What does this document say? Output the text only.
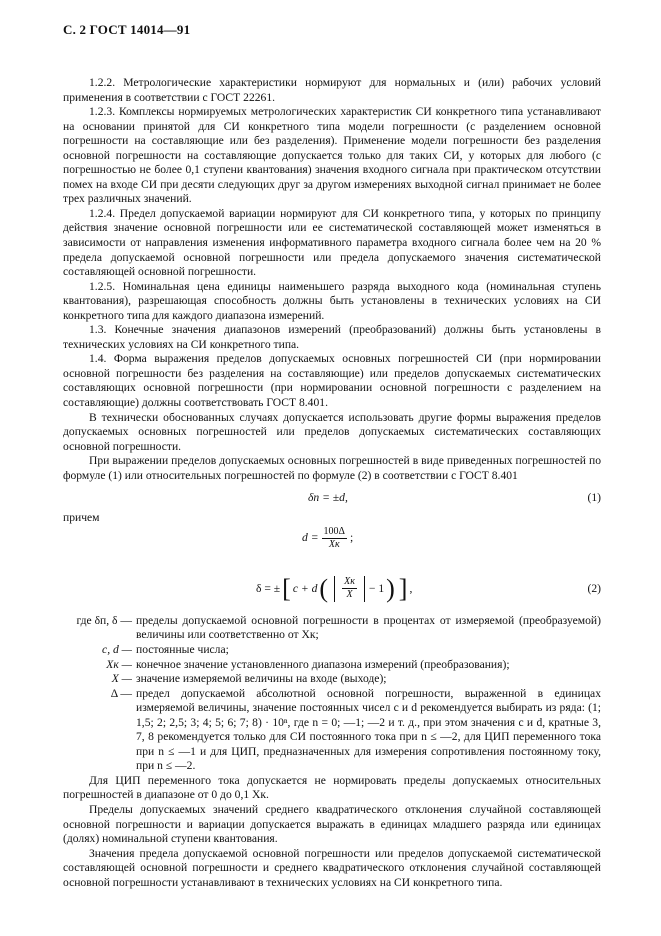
С. 2 ГОСТ 14014—91

1.2.2. Метрологические характеристики нормируют для нормальных и (или) рабочих условий применения в соответствии с ГОСТ 22261.

1.2.3. Комплексы нормируемых метрологических характеристик СИ конкретного типа устанавливают на основании принятой для СИ конкретного типа модели погрешности (с разделением основной погрешности на составляющие или без разделения). Применение модели погрешности без разделения основной погрешности на составляющие допускается только для таких СИ, у которых для любого (с погрешностью не более 0,1 ступени квантования) значения входного сигнала при практическом отсутствии помех на входе СИ при десяти следующих друг за другом измерениях выходной сигнал принимает не более трех различных значений.

1.2.4. Предел допускаемой вариации нормируют для СИ конкретного типа, у которых по принципу действия значение основной погрешности или ее систематической составляющей может изменяться в зависимости от направления изменения информативного параметра входного сигнала более чем на 20 % предела допускаемой основной погрешности или предела допускаемого значения систематической составляющей основной погрешности.

1.2.5. Номинальная цена единицы наименьшего разряда выходного кода (номинальная ступень квантования), разрешающая способность должны быть установлены в технических условиях на СИ конкретного типа для каждого диапазона измерений.

1.3. Конечные значения диапазонов измерений (преобразований) должны быть установлены в технических условиях на СИ конкретного типа.

1.4. Форма выражения пределов допускаемых основных погрешностей СИ (при нормировании основной погрешности без разделения на составляющие) или пределов допускаемых систематических составляющих основной погрешности (при нормировании основной погрешности с разделением на составляющие) должны соответствовать ГОСТ 8.401.

В технически обоснованных случаях допускается использовать другие формы выражения пределов допускаемых основных погрешностей или пределов допускаемых систематических составляющих основной погрешности.

При выражении пределов допускаемых основных погрешностей в виде приведенных погрешностей по формуле (1) или относительных погрешностей по формуле (2) в соответствии с ГОСТ 8.401

δп = ±d,	(1)
причем
$d = \frac{100\Delta}{Xк}$ ;
δ = ± [ c + d ( $\frac{Xк}{X} - 1$ ) ] ,	(2)
где δп, δ — пределы допускаемой основной погрешности в процентах от измеряемой (преобразуемой) величины или соответственно от Xк;
c, d — постоянные числа;
Xк — конечное значение установленного диапазона измерений (преобразования);
X — значение измеряемой величины на входе (выходе);
Δ — предел допускаемой абсолютной основной погрешности, выраженной в единицах измеряемой величины, значение постоянных чисел c и d рекомендуется выбирать из ряда: (1; 1,5; 2; 2,5; 3; 4; 5; 6; 7; 8) · 10ⁿ, где n = 0; —1; —2 и т. д., при этом значения c и d, кратные 3, 7, 8 рекомендуется только для СИ постоянного тока при n ≤ —2, для ЦИП переменного тока при n ≤ —1 и для ЦИП, предназначенных для измерения сопротивления постоянному току, при n ≤ —2.

Для ЦИП переменного тока допускается не нормировать пределы допускаемых относительных погрешностей в диапазоне от 0 до 0,1 Xк.

Пределы допускаемых значений среднего квадратического отклонения случайной составляющей основной погрешности и вариации допускается выражать в единицах младшего разряда или единицах (долях) номинальной ступени квантования.

Значения предела допускаемой основной погрешности или пределов допускаемой систематической составляющей основной погрешности и среднего квадратического отклонения случайной составляющей основной погрешности устанавливают в технических условиях на СИ конкретного типа.
